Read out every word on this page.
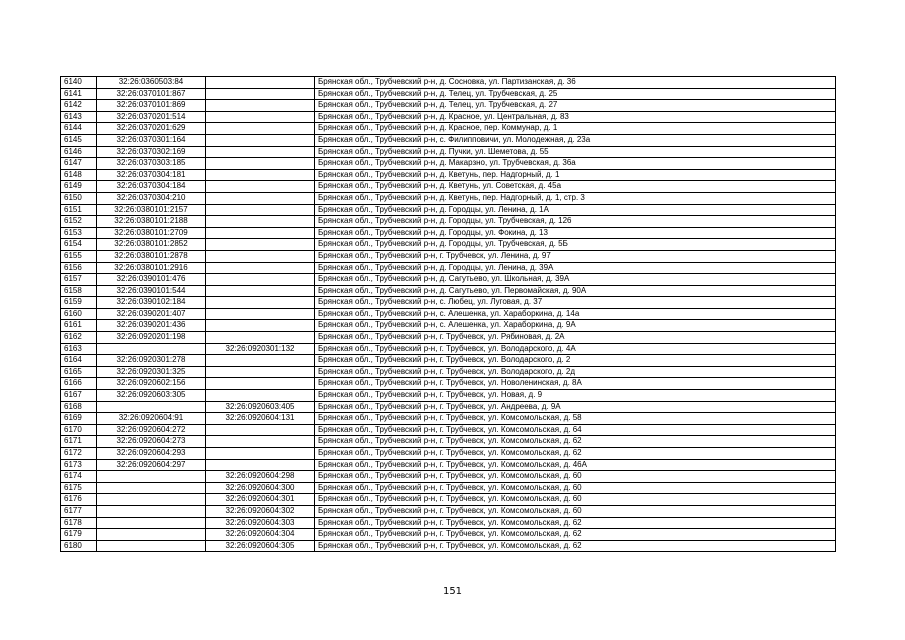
6140	32:26:0360503:84		Брянская обл., Трубчевский р-н, д. Сосновка, ул. Партизанская, д. 36
6141	32:26:0370101:867		Брянская обл., Трубчевский р-н, д. Телец, ул. Трубчевская, д. 25
6142	32:26:0370101:869		Брянская обл., Трубчевский р-н, д. Телец, ул. Трубчевская, д. 27
6143	32:26:0370201:514		Брянская обл., Трубчевский р-н, д. Красное, ул. Центральная, д. 83
6144	32:26:0370201:629		Брянская обл., Трубчевский р-н, д. Красное, пер. Коммунар, д. 1
6145	32:26:0370301:164		Брянская обл., Трубчевский р-н, с. Филипповичи, ул. Молодежная, д. 23а
6146	32:26:0370302:169		Брянская обл., Трубчевский р-н, д. Пучки, ул. Шеметова, д. 55
6147	32:26:0370303:185		Брянская обл., Трубчевский р-н, д. Макарзно, ул. Трубчевская, д. 36а
6148	32:26:0370304:181		Брянская обл., Трубчевский р-н, д. Кветунь, пер. Надгорный, д. 1
6149	32:26:0370304:184		Брянская обл., Трубчевский р-н, д. Кветунь, ул. Советская, д. 45а
6150	32:26:0370304:210		Брянская обл., Трубчевский р-н, д. Кветунь, пер. Надгорный, д. 1, стр. 3
6151	32:26:0380101:2157		Брянская обл., Трубчевский р-н, д. Городцы, ул. Ленина, д. 1А
6152	32:26:0380101:2188		Брянская обл., Трубчевский р-н, д. Городцы, ул. Трубчевская, д. 126
6153	32:26:0380101:2709		Брянская обл., Трубчевский р-н, д. Городцы, ул. Фокина, д. 13
6154	32:26:0380101:2852		Брянская обл., Трубчевский р-н, д. Городцы, ул. Трубчевская, д. 5Б
6155	32:26:0380101:2878		Брянская обл., Трубчевский р-н, г. Трубчевск, ул. Ленина, д. 97
6156	32:26:0380101:2916		Брянская обл., Трубчевский р-н, д. Городцы, ул. Ленина, д. 39А
6157	32:26:0390101:476		Брянская обл., Трубчевский р-н, д. Сагутьево, ул. Школьная, д. 39А
6158	32:26:0390101:544		Брянская обл., Трубчевский р-н, д. Сагутьево, ул. Первомайская, д. 90А
6159	32:26:0390102:184		Брянская обл., Трубчевский р-н, с. Любец, ул. Луговая, д. 37
6160	32:26:0390201:407		Брянская обл., Трубчевский р-н, с. Алешенка, ул. Хараборкина, д. 14а
6161	32:26:0390201:436		Брянская обл., Трубчевский р-н, с. Алешенка, ул. Хараборкина, д. 9А
6162	32:26:0920201:198		Брянская обл., Трубчевский р-н, г. Трубчевск, ул. Рябиновая, д. 2А
6163		32:26:0920301:132	Брянская обл., Трубчевский р-н, г. Трубчевск, ул. Володарского, д. 4А
6164	32:26:0920301:278		Брянская обл., Трубчевский р-н, г. Трубчевск, ул. Володарского, д. 2
6165	32:26:0920301:325		Брянская обл., Трубчевский р-н, г. Трубчевск, ул. Володарского, д. 2д
6166	32:26:0920602:156		Брянская обл., Трубчевский р-н, г. Трубчевск, ул. Новоленинская, д. 8А
6167	32:26:0920603:305		Брянская обл., Трубчевский р-н, г. Трубчевск, ул. Новая, д. 9
6168		32:26:0920603:405	Брянская обл., Трубчевский р-н, г. Трубчевск, ул. Андреева, д. 9А
6169	32:26:0920604:91	32:26:0920604:131	Брянская обл., Трубчевский р-н, г. Трубчевск, ул. Комсомольская, д. 58
6170	32:26:0920604:272		Брянская обл., Трубчевский р-н, г. Трубчевск, ул. Комсомольская, д. 64
6171	32:26:0920604:273		Брянская обл., Трубчевский р-н, г. Трубчевск, ул. Комсомольская, д. 62
6172	32:26:0920604:293		Брянская обл., Трубчевский р-н, г. Трубчевск, ул. Комсомольская, д. 62
6173	32:26:0920604:297		Брянская обл., Трубчевский р-н, г. Трубчевск, ул. Комсомольская, д. 46А
6174		32:26:0920604:298	Брянская обл., Трубчевский р-н, г. Трубчевск, ул. Комсомольская, д. 60
6175		32:26:0920604:300	Брянская обл., Трубчевский р-н, г. Трубчевск, ул. Комсомольская, д. 60
6176		32:26:0920604:301	Брянская обл., Трубчевский р-н, г. Трубчевск, ул. Комсомольская, д. 60
6177		32:26:0920604:302	Брянская обл., Трубчевский р-н, г. Трубчевск, ул. Комсомольская, д. 60
6178		32:26:0920604:303	Брянская обл., Трубчевский р-н, г. Трубчевск, ул. Комсомольская, д. 62
6179		32:26:0920604:304	Брянская обл., Трубчевский р-н, г. Трубчевск, ул. Комсомольская, д. 62
6180		32:26:0920604:305	Брянская обл., Трубчевский р-н, г. Трубчевск, ул. Комсомольская, д. 62
151
